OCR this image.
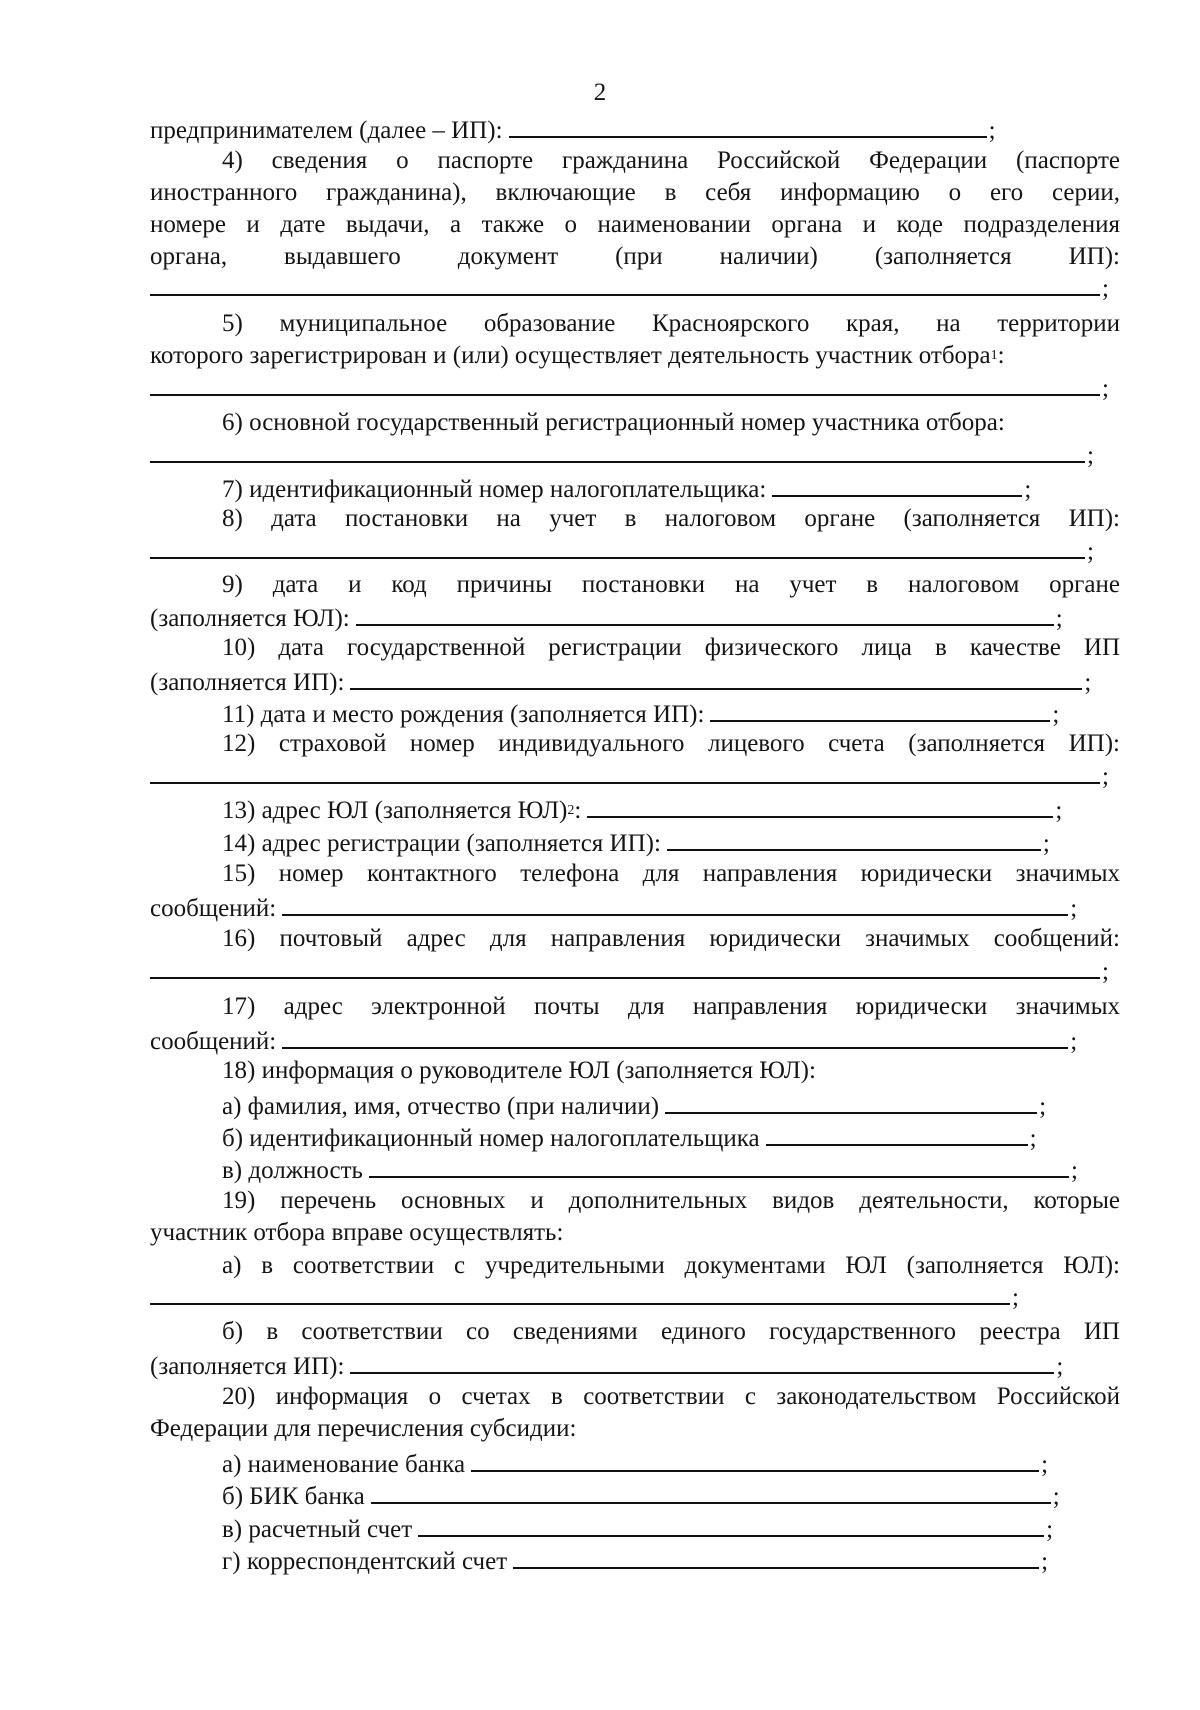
2
предпринимателем (далее – ИП):	;
4) сведения о паспорте гражданина Российской Федерации (паспорте
иностранного гражданина), включающие в себя информацию о его серии,
номере и дате выдачи, а также о наименовании органа и коде подразделения
органа, выдавшего документ (при наличии) (заполняется ИП):
;
5) муниципальное образование Красноярского края, на территории
которого зарегистрирован и (или) осуществляет деятельность участник отбора$^1$ :
;
6) основной государственный регистрационный номер участника отбора:
;
7) идентификационный номер налогоплательщика:	;
8) дата постановки на учет в налоговом органе (заполняется ИП):
;
9) дата и код причины постановки на учет в налоговом органе
(заполняется ЮЛ):	;
10) дата государственной регистрации физического лица в качестве ИП
(заполняется ИП):	;
11) дата и место рождения (заполняется ИП):	;
12) страховой номер индивидуального лицевого счета (заполняется ИП):
;
13) адрес ЮЛ (заполняется ЮЛ)$^2$ :	;
14) адрес регистрации (заполняется ИП):	;
15) номер контактного телефона для направления юридически значимых
сообщений:	;
16) почтовый адрес для направления юридически значимых сообщений:
;
17) адрес электронной почты для направления юридически значимых
сообщений:	;
18) информация о руководителе ЮЛ (заполняется ЮЛ):
а) фамилия, имя, отчество (при наличии)	;
б) идентификационный номер налогоплательщика	;
в) должность	;
19) перечень основных и дополнительных видов деятельности, которые
участник отбора вправе осуществлять:
а) в соответствии с учредительными документами ЮЛ (заполняется ЮЛ):
;
б) в соответствии со сведениями единого государственного реестра ИП
(заполняется ИП):	;
20) информация о счетах в соответствии с законодательством Российской
Федерации для перечисления субсидии:
а) наименование банка	;
б) БИК банка	;
в) расчетный счет	;
г) корреспондентский счет	;
